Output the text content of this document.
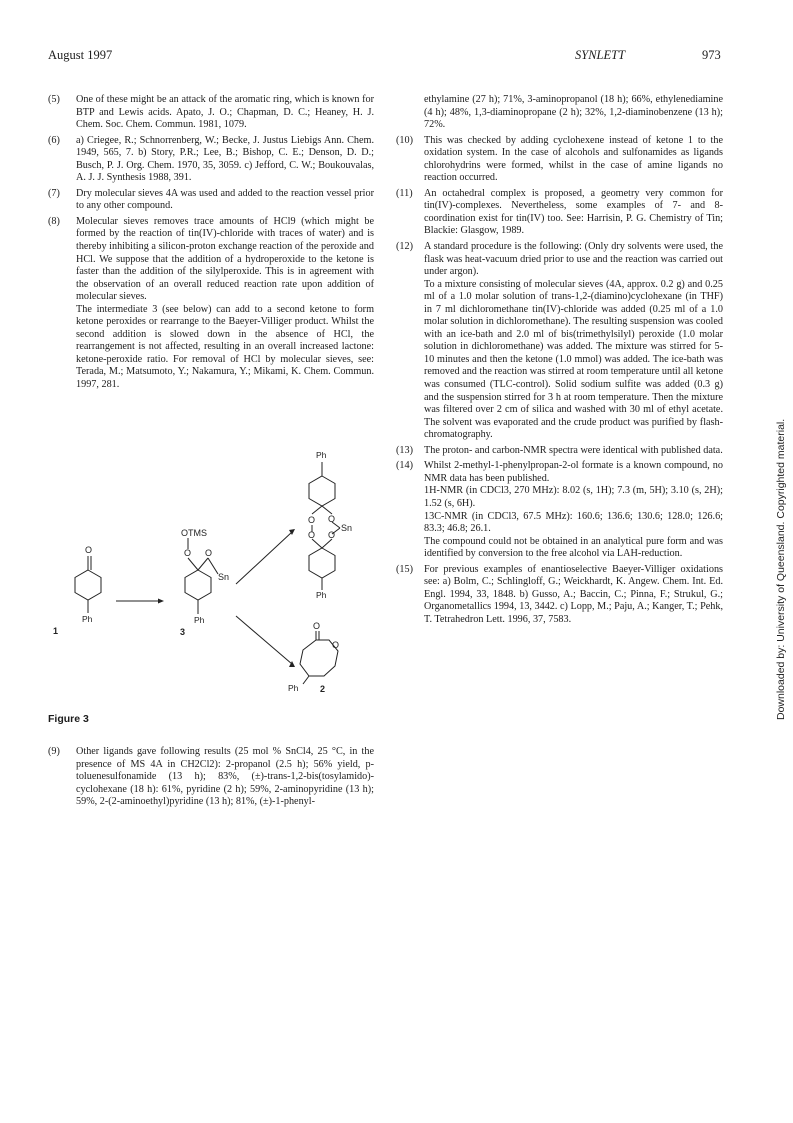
August 1997	SYNLETT	973
(5) One of these might be an attack of the aromatic ring, which is known for BTP and Lewis acids. Apato, J. O.; Chapman, D. C.; Heaney, H. J. Chem. Soc. Chem. Commun. 1981, 1079.

(6) a) Criegee, R.; Schnorrenberg, W.; Becke, J. Justus Liebigs Ann. Chem. 1949, 565, 7. b) Story, P.R.; Lee, B.; Bishop, C. E.; Denson, D. D.; Busch, P. J. Org. Chem. 1970, 35, 3059. c) Jefford, C. W.; Boukouvalas, A. J. J. Synthesis 1988, 391.

(7) Dry molecular sieves 4A was used and added to the reaction vessel prior to any other compound.

(8) Molecular sieves removes trace amounts of HCl9 (which might be formed by the reaction of tin(IV)-chloride with traces of water) and is thereby inhibiting a silicon-proton exchange reaction of the peroxide and HCl. We suppose that the addition of a hydroperoxide to the ketone is faster than the addition of the silylperoxide. This is in agreement with the observation of an overall reduced reaction rate upon addition of molecular sieves.

The intermediate 3 (see below) can add to a second ketone to form ketone peroxides or rearrange to the Baeyer-Villiger product. Whilst the second addition is slowed down in the absence of HCl, the rearrangement is not affected, resulting in an overall increased lactone: ketone-peroxide ratio. For removal of HCl by molecular sieves, see: Terada, M.; Matsumoto, Y.; Nakamura, Y.; Mikami, K. Chem. Commun. 1997, 281.

O
Ph
1
OTMS
O O
Sn
Ph
3
Ph
O O
O O
Sn
Ph
O
O
Ph 2
Figure 3
(9) Other ligands gave following results (25 mol % SnCl4, 25 °C, in the presence of MS 4A in CH2Cl2): 2-propanol (2.5 h); 56% yield, p-toluenesulfonamide (13 h); 83%, (±)-trans-1,2-bis(tosylamido)-cyclohexane (18 h): 61%, pyridine (2 h); 59%, 2-aminopyridine (13 h); 59%, 2-(2-aminoethyl)pyridine (13 h); 81%, (±)-1-phenyl-

ethylamine (27 h); 71%, 3-aminopropanol (18 h); 66%, ethylenediamine (4 h); 48%, 1,3-diaminopropane (2 h); 32%, 1,2-diaminobenzene (13 h); 72%.

(10) This was checked by adding cyclohexene instead of ketone 1 to the oxidation system. In the case of alcohols and sulfonamides as ligands chlorohydrins were formed, whilst in the case of amine ligands no reaction occurred.

(11) An octahedral complex is proposed, a geometry very common for tin(IV)-complexes. Nevertheless, some examples of 7- and 8-coordination exist for tin(IV) too. See: Harrisin, P. G. Chemistry of Tin; Blackie: Glasgow, 1989.

(12) A standard procedure is the following: (Only dry solvents were used, the flask was heat-vacuum dried prior to use and the reaction was carried out under argon).

To a mixture consisting of molecular sieves (4A, approx. 0.2 g) and 0.25 ml of a 1.0 molar solution of trans-1,2-(diamino)cyclohexane (in THF) in 7 ml dichloromethane tin(IV)-chloride was added (0.25 ml of a 1.0 molar solution in dichloromethane). The resulting suspension was cooled with an ice-bath and 2.0 ml of bis(trimethylsilyl) peroxide (1.0 molar solution in dichloromethane) was added. The mixture was stirred for 5-10 minutes and then the ketone (1.0 mmol) was added. The ice-bath was removed and the reaction was stirred at room temperature until all ketone was consumed (TLC-control). Solid sodium sulfite was added (0.3 g) and the suspension stirred for 3 h at room temperature. Then the mixture was filtered over 2 cm of silica and washed with 30 ml of ethyl acetate. The solvent was evaporated and the crude product was purified by flash-chromatography.

(13) The proton- and carbon-NMR spectra were identical with published data.

(14) Whilst 2-methyl-1-phenylpropan-2-ol formate is a known compound, no NMR data has been published.

1H-NMR (in CDCl3, 270 MHz): 8.02 (s, 1H); 7.3 (m, 5H); 3.10 (s, 2H); 1.52 (s, 6H).

13C-NMR (in CDCl3, 67.5 MHz): 160.6; 136.6; 130.6; 128.0; 126.6; 83.3; 46.8; 26.1.

The compound could not be obtained in an analytical pure form and was identified by conversion to the free alcohol via LAH-reduction.

(15) For previous examples of enantioselective Baeyer-Villiger oxidations see: a) Bolm, C.; Schlingloff, G.; Weickhardt, K. Angew. Chem. Int. Ed. Engl. 1994, 33, 1848. b) Gusso, A.; Baccin, C.; Pinna, F.; Strukul, G.; Organometallics 1994, 13, 3442. c) Lopp, M.; Paju, A.; Kanger, T.; Pehk, T. Tetrahedron Lett. 1996, 37, 7583.	Downloaded by: University of Queensland. Copyrighted material.
